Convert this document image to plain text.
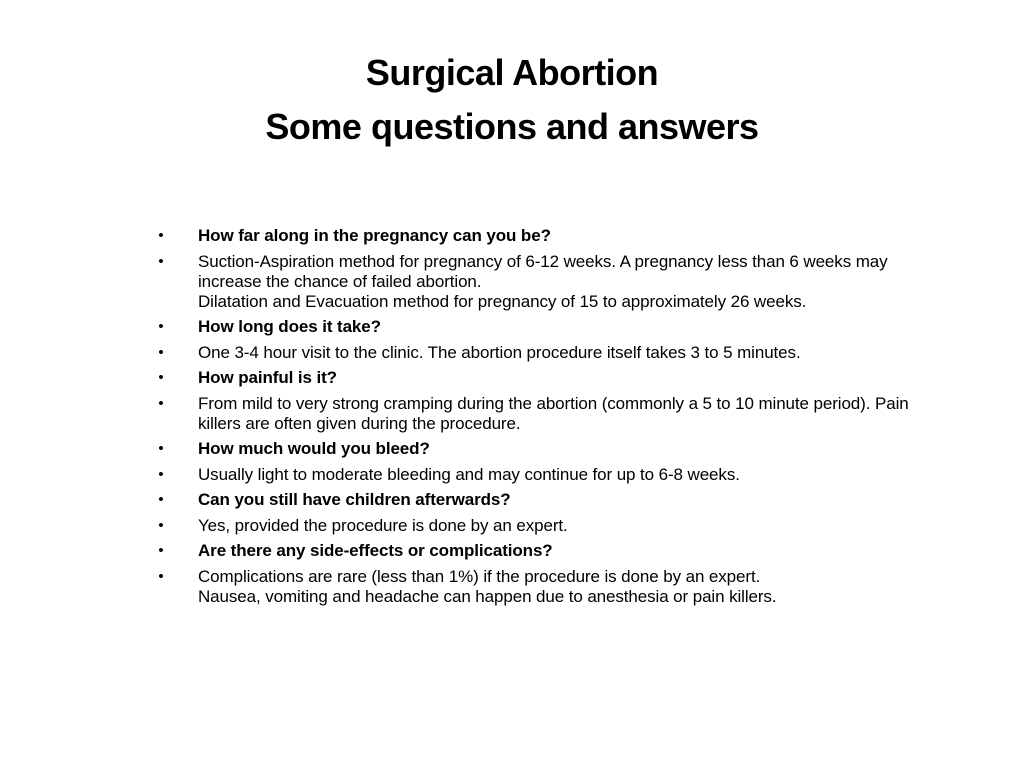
Surgical Abortion
Some questions and answers
• How far along in the pregnancy can you be?
• Suction-Aspiration method for pregnancy of 6-12 weeks. A pregnancy less than 6 weeks may increase the chance of failed abortion.
Dilatation and Evacuation method for pregnancy of 15 to approximately 26 weeks.
• How long does it take?
• One 3-4 hour visit to the clinic. The abortion procedure itself takes 3 to 5 minutes.
• How painful is it?
• From mild to very strong cramping during the abortion (commonly a 5 to 10 minute period). Pain killers are often given during the procedure.
• How much would you bleed?
• Usually light to moderate bleeding and may continue for up to 6-8 weeks.
• Can you still have children afterwards?
• Yes, provided the procedure is done by an expert.
• Are there any side-effects or complications?
• Complications are rare (less than 1%) if the procedure is done by an expert.
Nausea, vomiting and headache can happen due to anesthesia or pain killers.
